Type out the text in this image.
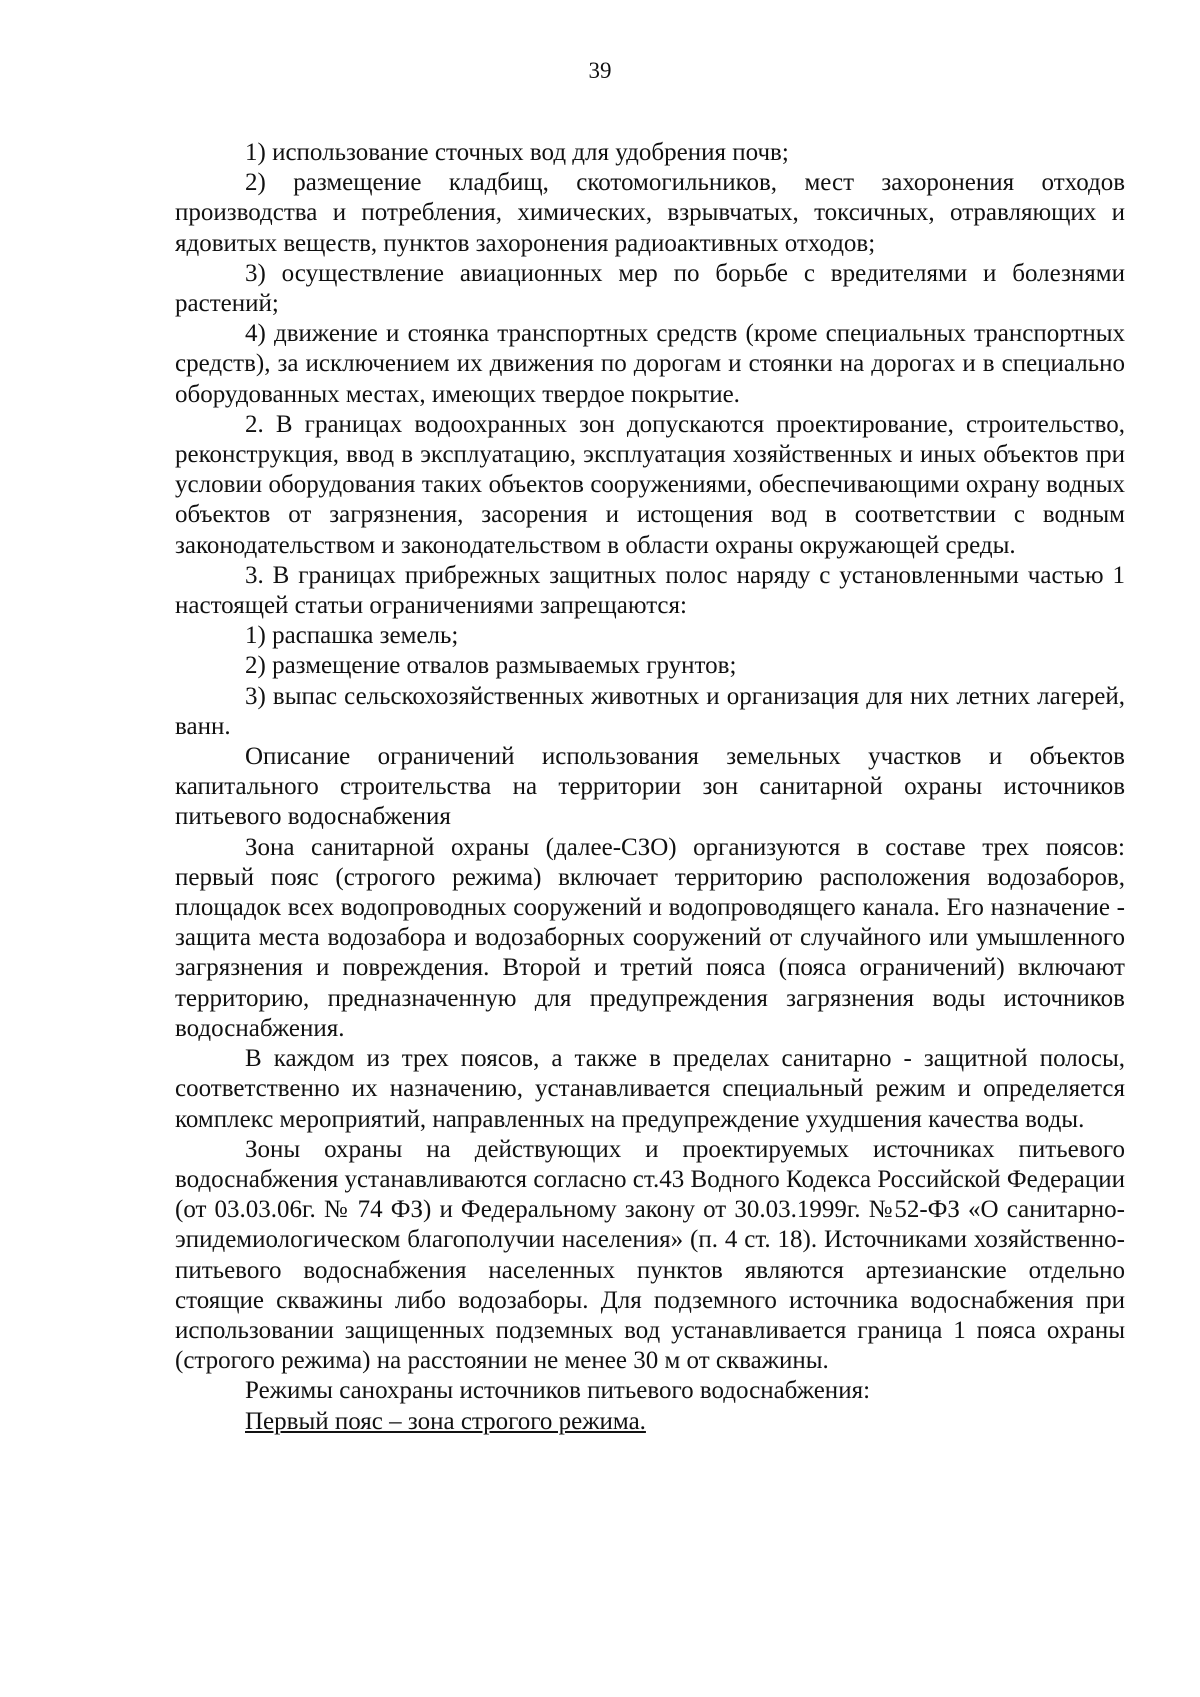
39

1) использование сточных вод для удобрения почв;

2) размещение кладбищ, скотомогильников, мест захоронения отходов производства и потребления, химических, взрывчатых, токсичных, отравляющих и ядовитых веществ, пунктов захоронения радиоактивных отходов;

3) осуществление авиационных мер по борьбе с вредителями и болезнями растений;

4) движение и стоянка транспортных средств (кроме специальных транспортных средств), за исключением их движения по дорогам и стоянки на дорогах и в специально оборудованных местах, имеющих твердое покрытие.

2. В границах водоохранных зон допускаются проектирование, строительство, реконструкция, ввод в эксплуатацию, эксплуатация хозяйственных и иных объектов при условии оборудования таких объектов сооружениями, обеспечивающими охрану водных объектов от загрязнения, засорения и истощения вод в соответствии с водным законодательством и законодательством в области охраны окружающей среды.

3. В границах прибрежных защитных полос наряду с установленными частью 1 настоящей статьи ограничениями запрещаются:

1) распашка земель;

2) размещение отвалов размываемых грунтов;

3) выпас сельскохозяйственных животных и организация для них летних лагерей, ванн.

Описание ограничений использования земельных участков и объектов капитального строительства на территории зон санитарной охраны источников питьевого водоснабжения

Зона санитарной охраны (далее-СЗО) организуются в составе трех поясов: первый пояс (строгого режима) включает территорию расположения водозаборов, площадок всех водопроводных сооружений и водопроводящего канала. Его назначение - защита места водозабора и водозаборных сооружений от случайного или умышленного загрязнения и повреждения. Второй и третий пояса (пояса ограничений) включают территорию, предназначенную для предупреждения загрязнения воды источников водоснабжения.

В каждом из трех поясов, а также в пределах санитарно - защитной полосы, соответственно их назначению, устанавливается специальный режим и определяется комплекс мероприятий, направленных на предупреждение ухудшения качества воды.

Зоны охраны на действующих и проектируемых источниках питьевого водоснабжения устанавливаются согласно ст.43 Водного Кодекса Российской Федерации (от 03.03.06г. № 74 ФЗ) и Федеральному закону от 30.03.1999г. №52-ФЗ «О санитарно-эпидемиологическом благополучии населения» (п. 4 ст. 18). Источниками хозяйственно-питьевого водоснабжения населенных пунктов являются артезианские отдельно стоящие скважины либо водозаборы. Для подземного источника водоснабжения при использовании защищенных подземных вод устанавливается граница 1 пояса охраны (строгого режима) на расстоянии не менее 30 м от скважины.

Режимы санохраны источников питьевого водоснабжения:

Первый пояс – зона строгого режима.
